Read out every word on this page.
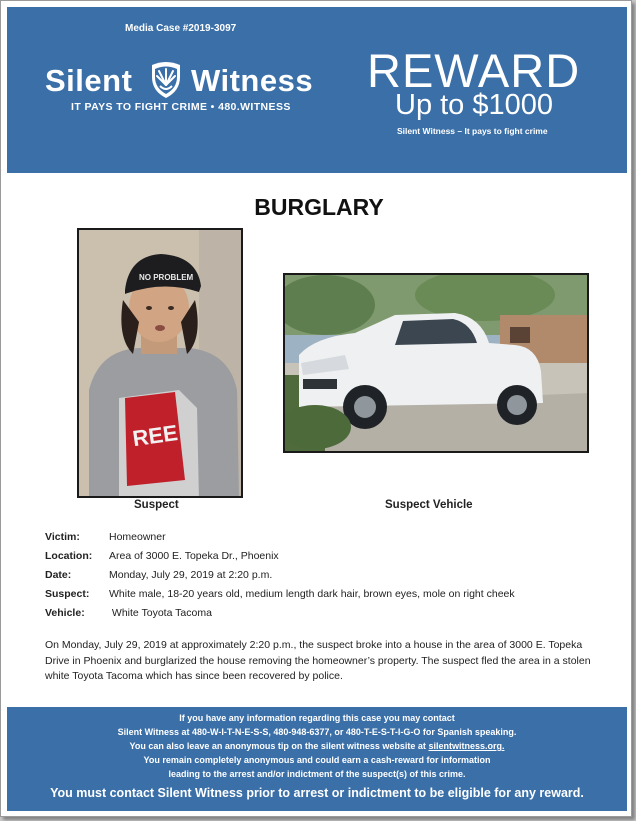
Media Case #2019-3097
Silent Witness
IT PAYS TO FIGHT CRIME • 480.WITNESS
REWARD
Up to $1000
Silent Witness – It pays to fight crime
BURGLARY
REE
NO PROBLEM
Suspect	Suspect Vehicle
Victim:	Homeowner
Location: Area of 3000 E. Topeka Dr., Phoenix
Date:	Monday, July 29, 2019 at 2:20 p.m.
Suspect: White male, 18-20 years old, medium length dark hair, brown eyes, mole on right cheek
Vehicle: White Toyota Tacoma
On Monday, July 29, 2019 at approximately 2:20 p.m., the suspect broke into a house in the area of 3000 E. Topeka Drive in Phoenix and burglarized the house removing the homeowner’s property. The suspect fled the area in a stolen white Toyota Tacoma which has since been recovered by police.
If you have any information regarding this case you may contact
Silent Witness at 480-W-I-T-N-E-S-S, 480-948-6377, or 480-T-E-S-T-I-G-O for Spanish speaking.
You can also leave an anonymous tip on the silent witness website at silentwitness.org.
You remain completely anonymous and could earn a cash-reward for information
leading to the arrest and/or indictment of the suspect(s) of this crime.
You must contact Silent Witness prior to arrest or indictment to be eligible for any reward.
